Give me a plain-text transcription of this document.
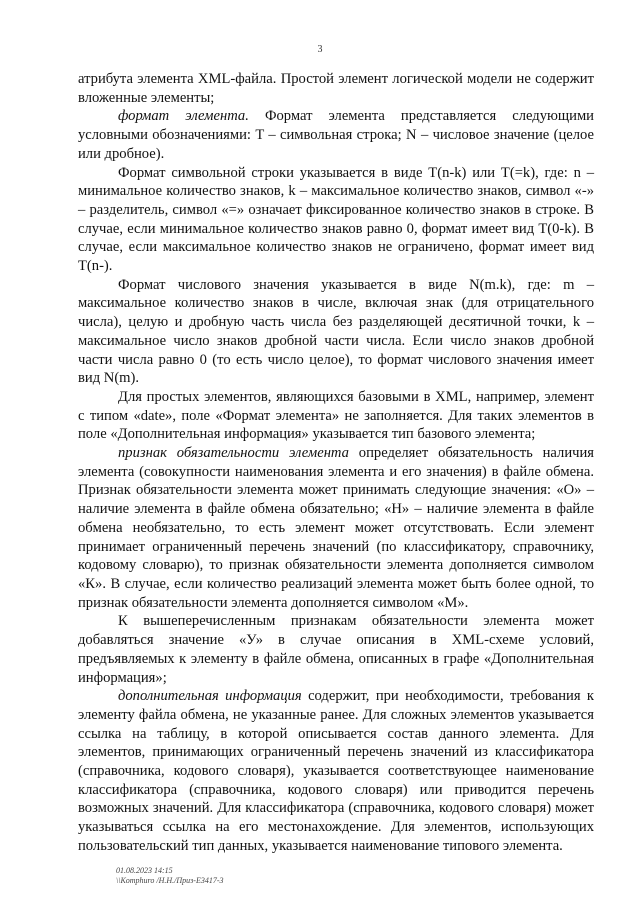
3

атрибута элемента XML-файла. Простой элемент логической модели не содержит вложенные элементы;

формат элемента. Формат элемента представляется следующими условными обозначениями: T – символьная строка; N – числовое значение (целое или дробное).

Формат символьной строки указывается в виде T(n-k) или T(=k), где: n – минимальное количество знаков, k – максимальное количество знаков, символ «-» – разделитель, символ «=» означает фиксированное количество знаков в строке. В случае, если минимальное количество знаков равно 0, формат имеет вид T(0-k). В случае, если максимальное количество знаков не ограничено, формат имеет вид T(n-).

Формат числового значения указывается в виде N(m.k), где: m – максимальное количество знаков в числе, включая знак (для отрицательного числа), целую и дробную часть числа без разделяющей десятичной точки, k – максимальное число знаков дробной части числа. Если число знаков дробной части числа равно 0 (то есть число целое), то формат числового значения имеет вид N(m).

Для простых элементов, являющихся базовыми в XML, например, элемент с типом «date», поле «Формат элемента» не заполняется. Для таких элементов в поле «Дополнительная информация» указывается тип базового элемента;

признак обязательности элемента определяет обязательность наличия элемента (совокупности наименования элемента и его значения) в файле обмена. Признак обязательности элемента может принимать следующие значения: «О» – наличие элемента в файле обмена обязательно; «Н» – наличие элемента в файле обмена необязательно, то есть элемент может отсутствовать. Если элемент принимает ограниченный перечень значений (по классификатору, справочнику, кодовому словарю), то признак обязательности элемента дополняется символом «К». В случае, если количество реализаций элемента может быть более одной, то признак обязательности элемента дополняется символом «М».

К вышеперечисленным признакам обязательности элемента может добавляться значение «У» в случае описания в XML-схеме условий, предъявляемых к элементу в файле обмена, описанных в графе «Дополнительная информация»;

дополнительная информация содержит, при необходимости, требования к элементу файла обмена, не указанные ранее. Для сложных элементов указывается ссылка на таблицу, в которой описывается состав данного элемента. Для элементов, принимающих ограниченный перечень значений из классификатора (справочника, кодового словаря), указывается соответствующее наименование классификатора (справочника, кодового словаря) или приводится перечень возможных значений. Для классификатора (справочника, кодового словаря) может указываться ссылка на его местонахождение. Для элементов, использующих пользовательский тип данных, указывается наименование типового элемента.

01.08.2023 14:15
\\Komphuro /Н.Н./Приз-E3417-3
